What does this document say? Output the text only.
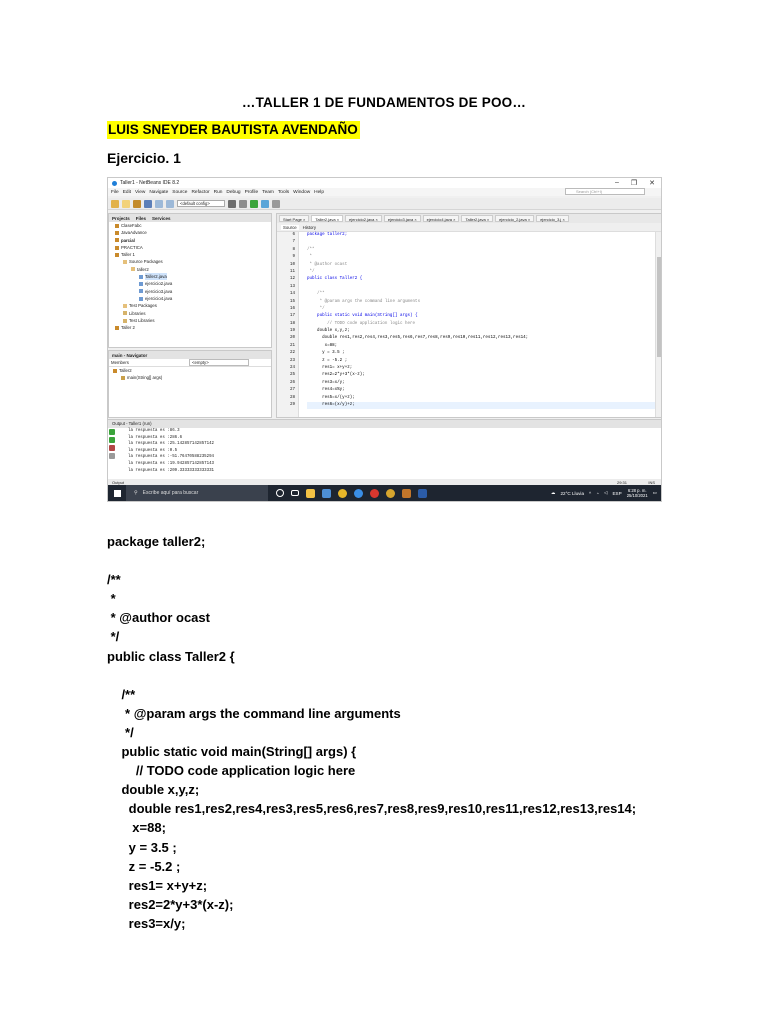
…TALLER 1 DE FUNDAMENTOS DE POO…
LUIS SNEYDER BAUTISTA AVENDAÑO
Ejercicio. 1
Taller1 - NetBeans IDE 8.2	– ❐ ✕
File Edit View Navigate Source Refactor Run Debug Profile Team Tools Window Help	Search (Ctrl+I)
<default config>
Projects Files Services
ClaseFabc
JavaAdvance
parcial
PRACTICA
Taller 1
Source Packages
taller2
Taller2.java
ejercicio2.java
ejercicio3.java
ejercicio4.java
Test Packages
Libraries
Test Libraries
Taller 2
main - Navigator
Members	<empty>
Taller2
main(String[] args)
Start Page ×	Taller2.java ×	ejercicio2.java ×	ejercicio3.java ×	ejercicio4.java ×	Taller2.java ×	ejercicio_2.java ×	ejercicio_3.j ×
Source	History
6
7
8
9
10
11
12
13
14
15
16
17
18
19
20
21
22
23
24
25
26
27
28
29
package taller2;
/**
*
* @author ocast
*/
public class Taller2 {
/**
* @param args the command line arguments
*/
public static void main(String[] args) {
// TODO code application logic here
double x,y,z;
double res1,res2,res4,res3,res5,res6,res7,res8,res9,res10,res11,res12,res13,res14;
x=88;
y = 3.5 ;
z = -5.2 ;
res1= x+y+z;
res2=2*y+3*(x-z);
res3=x/y;
res4=x%y;
res5=x/(y+z);
res6=(x/y)+z;
Output - Taller1 (run)
la respuesta es :86.3
la respuesta es :286.6
la respuesta es :25.142857142857142
la respuesta es :0.5
la respuesta es :-51.76470588235294
la respuesta es :19.942857142857143
la respuesta es :209.33333333333331
Output	29:31	INS
⚲ Escribe aquí para buscar	☁ 22°C Lluvia ^ ◔ ◁ ESP 6:28 p. m.
25/10/2021
▭
package taller2;

/**
*
* @author ocast
*/
public class Taller2 {

/**
* @param args the command line arguments
*/
public static void main(String[] args) {
// TODO code application logic here
double x,y,z;
double res1,res2,res4,res3,res5,res6,res7,res8,res9,res10,res11,res12,res13,res14;
x=88;
y = 3.5 ;
z = -5.2 ;
res1= x+y+z;
res2=2*y+3*(x-z);
res3=x/y;
